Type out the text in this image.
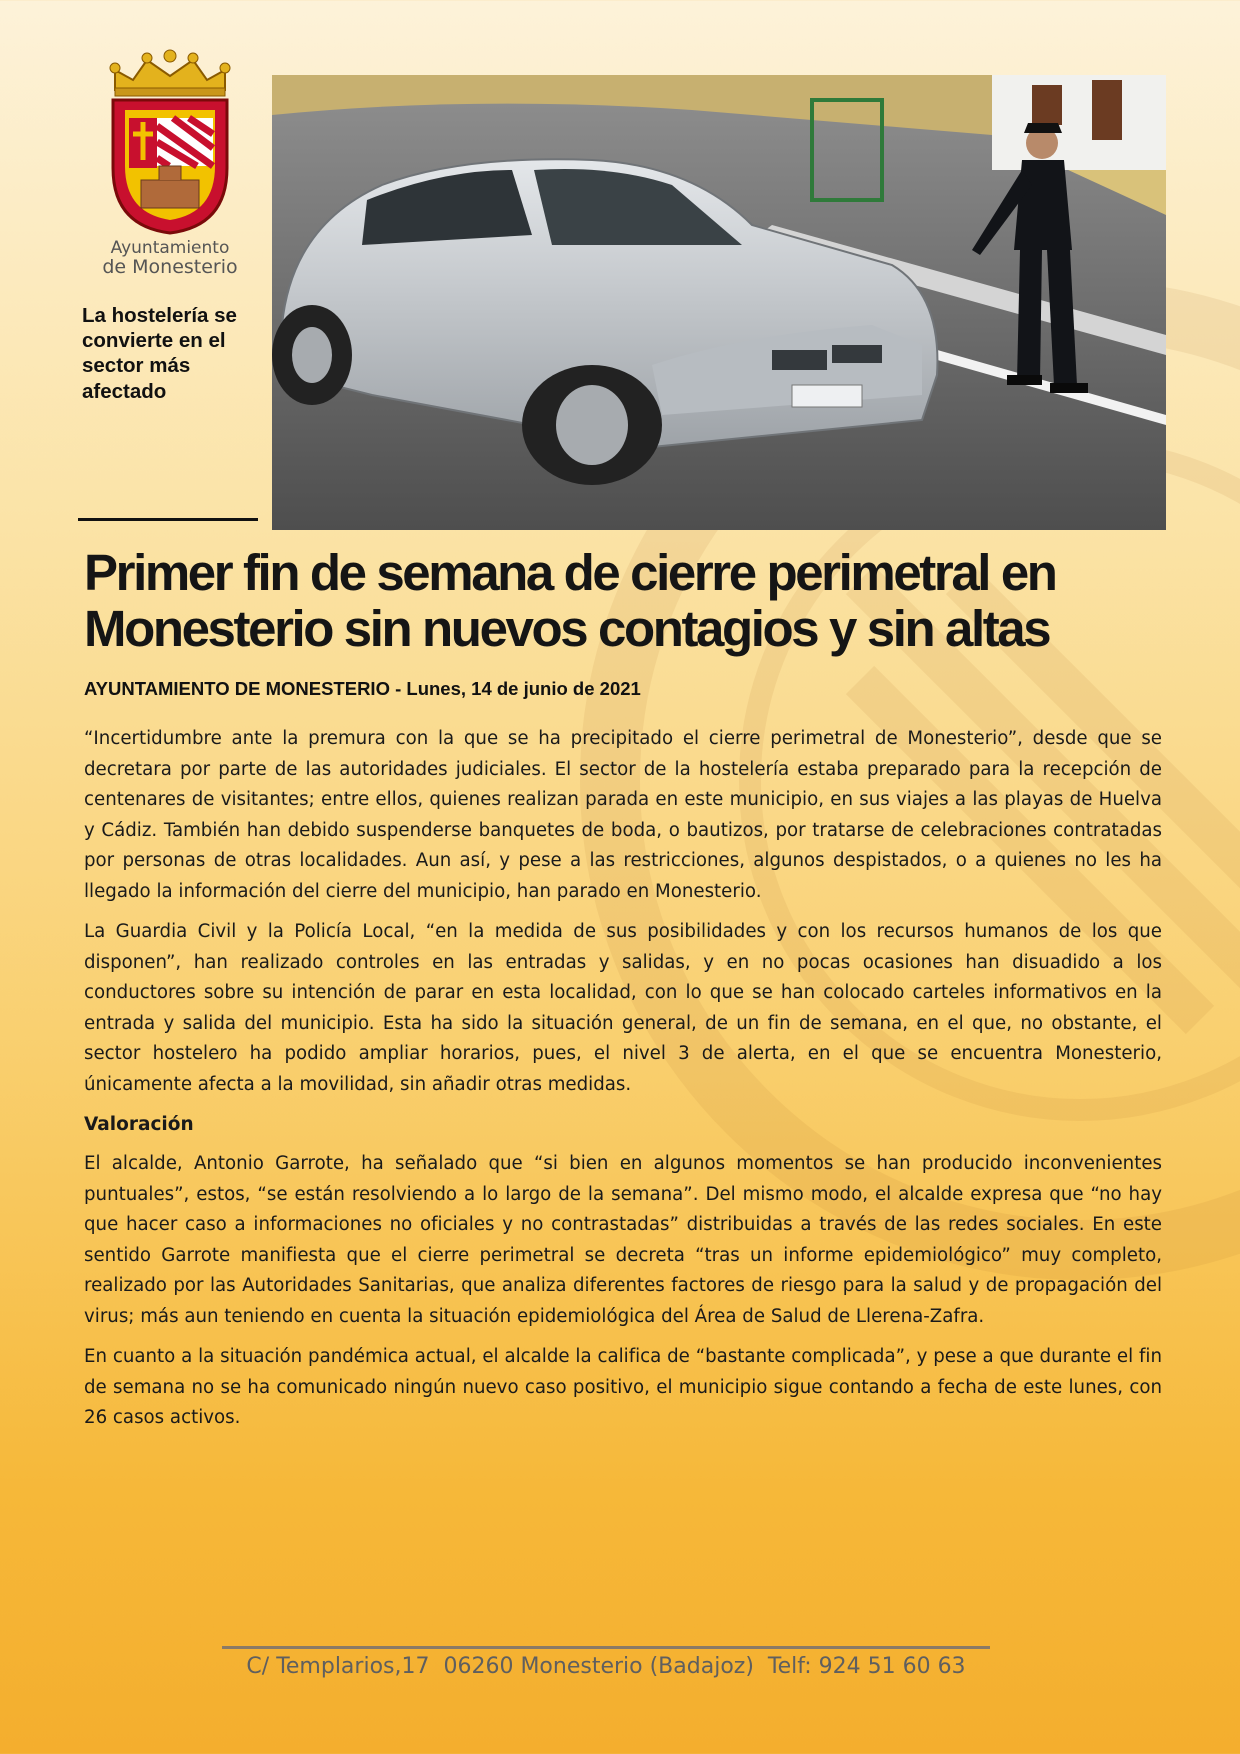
Ayuntamiento
de Monesterio
La hostelería se convierte en el sector más afectado
Primer fin de semana de cierre perimetral en Monesterio sin nuevos contagios y sin altas

AYUNTAMIENTO DE MONESTERIO - Lunes, 14 de junio de 2021

“Incertidumbre ante la premura con la que se ha precipitado el cierre perimetral de Monesterio”, desde que se decretara por parte de las autoridades judiciales. El sector de la hostelería estaba preparado para la recepción de centenares de visitantes; entre ellos, quienes realizan parada en este municipio, en sus viajes a las playas de Huelva y Cádiz. También han debido suspenderse banquetes de boda, o bautizos, por tratarse de celebraciones contratadas por personas de otras localidades. Aun así, y pese a las restricciones, algunos despistados, o a quienes no les ha llegado la información del cierre del municipio, han parado en Monesterio.

La Guardia Civil y la Policía Local, “en la medida de sus posibilidades y con los recursos humanos de los que disponen”, han realizado controles en las entradas y salidas, y en no pocas ocasiones han disuadido a los conductores sobre su intención de parar en esta localidad, con lo que se han colocado carteles informativos en la entrada y salida del municipio. Esta ha sido la situación general, de un fin de semana, en el que, no obstante, el sector hostelero ha podido ampliar horarios, pues, el nivel 3 de alerta, en el que se encuentra Monesterio, únicamente afecta a la movilidad, sin añadir otras medidas.

Valoración

El alcalde, Antonio Garrote, ha señalado que “si bien en algunos momentos se han producido inconvenientes puntuales”, estos, “se están resolviendo a lo largo de la semana”. Del mismo modo, el alcalde expresa que “no hay que hacer caso a informaciones no oficiales y no contrastadas” distribuidas a través de las redes sociales. En este sentido Garrote manifiesta que el cierre perimetral se decreta “tras un informe epidemiológico” muy completo, realizado por las Autoridades Sanitarias, que analiza diferentes factores de riesgo para la salud y de propagación del virus; más aun teniendo en cuenta la situación epidemiológica del Área de Salud de Llerena-Zafra.

En cuanto a la situación pandémica actual, el alcalde la califica de “bastante complicada”, y pese a que durante el fin de semana no se ha comunicado ningún nuevo caso positivo, el municipio sigue contando a fecha de este lunes, con 26 casos activos.

C/ Templarios,17  06260 Monesterio (Badajoz)  Telf: 924 51 60 63
